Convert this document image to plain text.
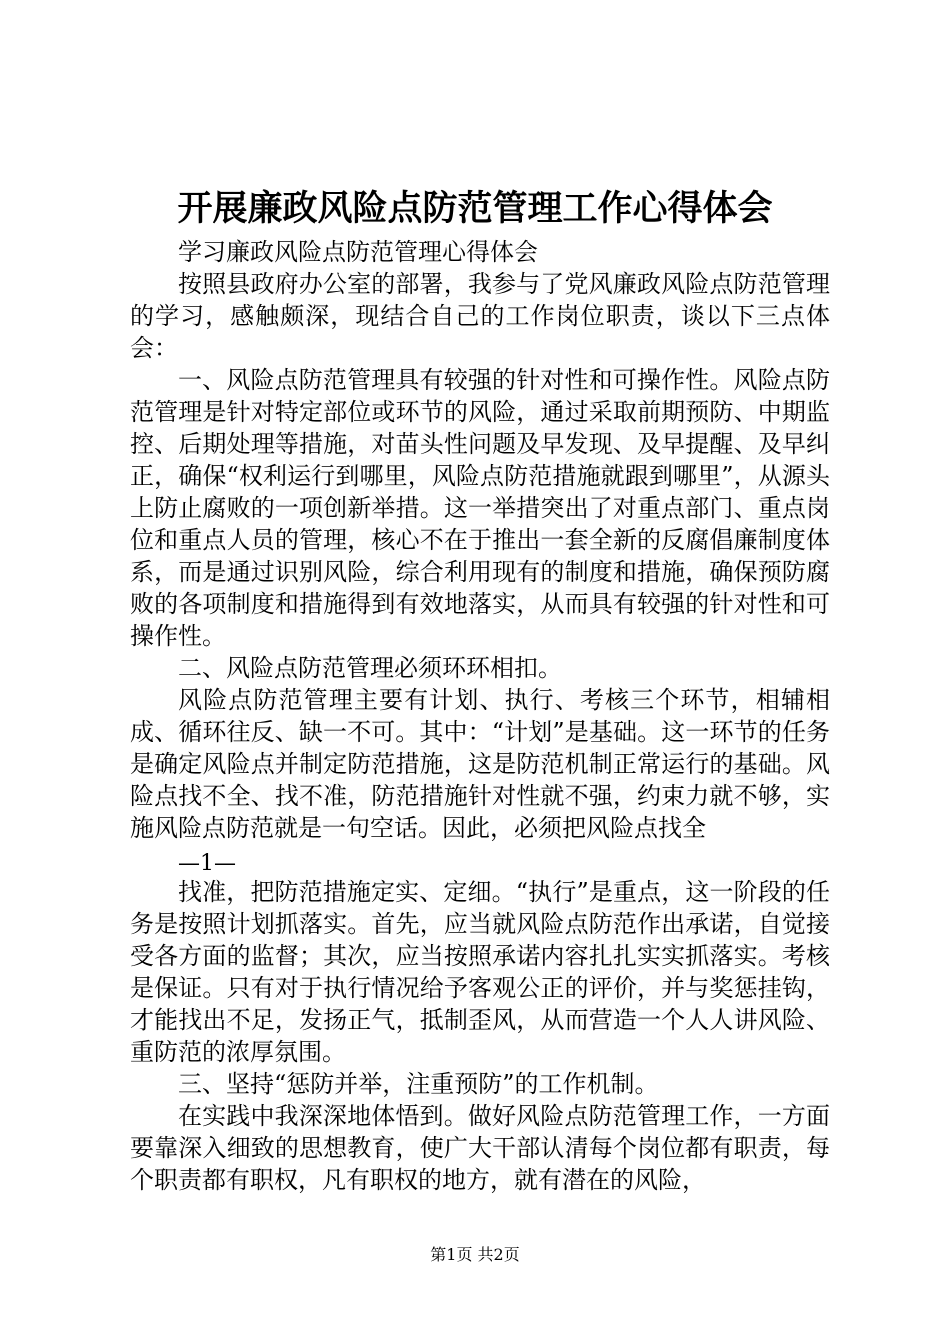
开展廉政风险点防范管理工作心得体会

学习廉政风险点防范管理心得体会

按照县政府办公室的部署，我参与了党风廉政风险点防范管理的学习，感触颇深，现结合自己的工作岗位职责，谈以下三点体会：

一、风险点防范管理具有较强的针对性和可操作性。风险点防范管理是针对特定部位或环节的风险，通过采取前期预防、中期监控、后期处理等措施，对苗头性问题及早发现、及早提醒、及早纠正，确保“权利运行到哪里，风险点防范措施就跟到哪里”，从源头上防止腐败的一项创新举措。这一举措突出了对重点部门、重点岗位和重点人员的管理，核心不在于推出一套全新的反腐倡廉制度体系，而是通过识别风险，综合利用现有的制度和措施，确保预防腐败的各项制度和措施得到有效地落实，从而具有较强的针对性和可操作性。

二、风险点防范管理必须环环相扣。

风险点防范管理主要有计划、执行、考核三个环节，相辅相成、循环往反、缺一不可。其中：“计划”是基础。这一环节的任务是确定风险点并制定防范措施，这是防范机制正常运行的基础。风险点找不全、找不准，防范措施针对性就不强，约束力就不够，实施风险点防范就是一句空话。因此，必须把风险点找全

—1—

找准，把防范措施定实、定细。“执行”是重点，这一阶段的任务是按照计划抓落实。首先，应当就风险点防范作出承诺，自觉接受各方面的监督；其次，应当按照承诺内容扎扎实实抓落实。考核是保证。只有对于执行情况给予客观公正的评价，并与奖惩挂钩，才能找出不足，发扬正气，抵制歪风，从而营造一个人人讲风险、重防范的浓厚氛围。

三、坚持“惩防并举，注重预防”的工作机制。

在实践中我深深地体悟到。做好风险点防范管理工作，一方面要靠深入细致的思想教育，使广大干部认清每个岗位都有职责，每个职责都有职权，凡有职权的地方，就有潜在的风险，

第1页 共2页
